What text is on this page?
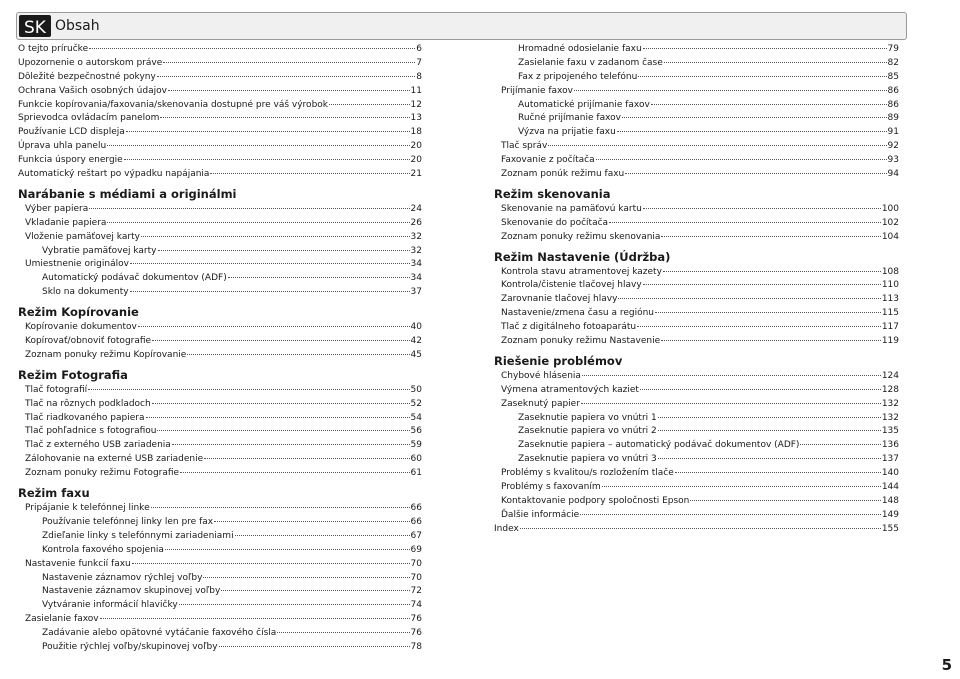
SK Obsah
O tejto príručke	6
Upozornenie o autorskom práve	7
Dôležité bezpečnostné pokyny	8
Ochrana Vašich osobných údajov	11
Funkcie kopírovania/faxovania/skenovania dostupné pre váš výrobok	12
Sprievodca ovládacím panelom	13
Používanie LCD displeja	18
Úprava uhla panelu	20
Funkcia úspory energie	20
Automatický reštart po výpadku napájania	21
Narábanie s médiami a originálmi
Výber papiera	24
Vkladanie papiera	26
Vloženie pamäťovej karty	32
Vybratie pamäťovej karty	32
Umiestnenie originálov	34
Automatický podávač dokumentov (ADF)	34
Sklo na dokumenty	37
Režim Kopírovanie
Kopírovanie dokumentov	40
Kopírovať/obnoviť fotografie	42
Zoznam ponuky režimu Kopírovanie	45
Režim Fotografia
Tlač fotografií	50
Tlač na rôznych podkladoch	52
Tlač riadkovaného papiera	54
Tlač pohľadnice s fotografiou	56
Tlač z externého USB zariadenia	59
Zálohovanie na externé USB zariadenie	60
Zoznam ponuky režimu Fotografie	61
Režim faxu
Pripájanie k telefónnej linke	66
Používanie telefónnej linky len pre fax	66
Zdieľanie linky s telefónnymi zariadeniami	67
Kontrola faxového spojenia	69
Nastavenie funkcií faxu	70
Nastavenie záznamov rýchlej voľby	70
Nastavenie záznamov skupinovej voľby	72
Vytváranie informácií hlavičky	74
Zasielanie faxov	76
Zadávanie alebo opätovné vytáčanie faxového čísla	76
Použitie rýchlej voľby/skupinovej voľby	78
Hromadné odosielanie faxu	79
Zasielanie faxu v zadanom čase	82
Fax z pripojeného telefónu	85
Prijímanie faxov	86
Automatické prijímanie faxov	86
Ručné prijímanie faxov	89
Výzva na prijatie faxu	91
Tlač správ	92
Faxovanie z počítača	93
Zoznam ponúk režimu faxu	94
Režim skenovania
Skenovanie na pamäťovú kartu	100
Skenovanie do počítača	102
Zoznam ponuky režimu skenovania	104
Režim Nastavenie (Údržba)
Kontrola stavu atramentovej kazety	108
Kontrola/čistenie tlačovej hlavy	110
Zarovnanie tlačovej hlavy	113
Nastavenie/zmena času a regiónu	115
Tlač z digitálneho fotoaparátu	117
Zoznam ponuky režimu Nastavenie	119
Riešenie problémov
Chybové hlásenia	124
Výmena atramentových kaziet	128
Zaseknutý papier	132
Zaseknutie papiera vo vnútri 1	132
Zaseknutie papiera vo vnútri 2	135
Zaseknutie papiera – automatický podávač dokumentov (ADF)	136
Zaseknutie papiera vo vnútri 3	137
Problémy s kvalitou/s rozložením tlače	140
Problémy s faxovaním	144
Kontaktovanie podpory spoločnosti Epson	148
Ďalšie informácie	149
Index	155
5
